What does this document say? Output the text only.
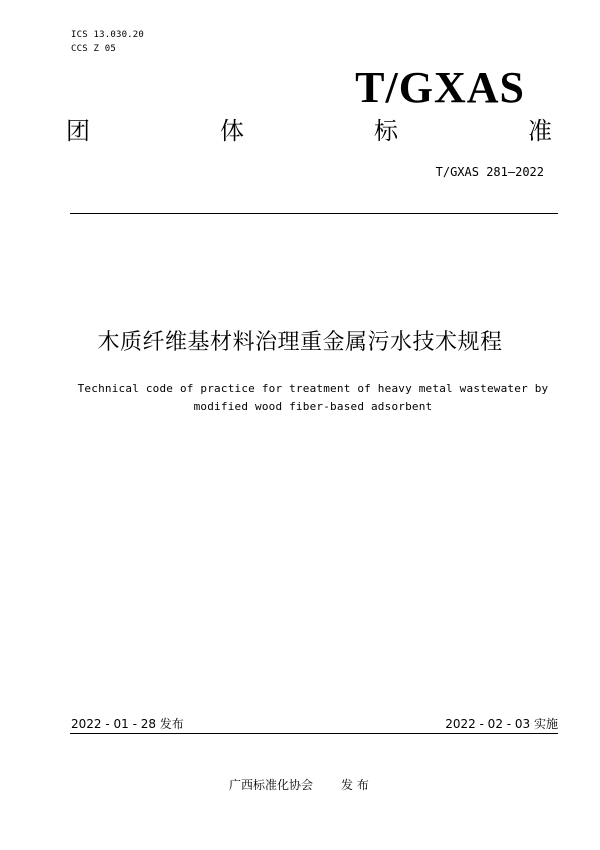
ICS 13.030.20
CCS Z 05
T/GXAS
团	体	标	准
T/GXAS 281—2022
木质纤维基材料治理重金属污水技术规程
Technical code of practice for treatment of heavy metal wastewater by
modified wood fiber-based adsorbent
2022 - 01 - 28 发布	2022 - 02 - 03 实施
广西标准化协会 发 布
